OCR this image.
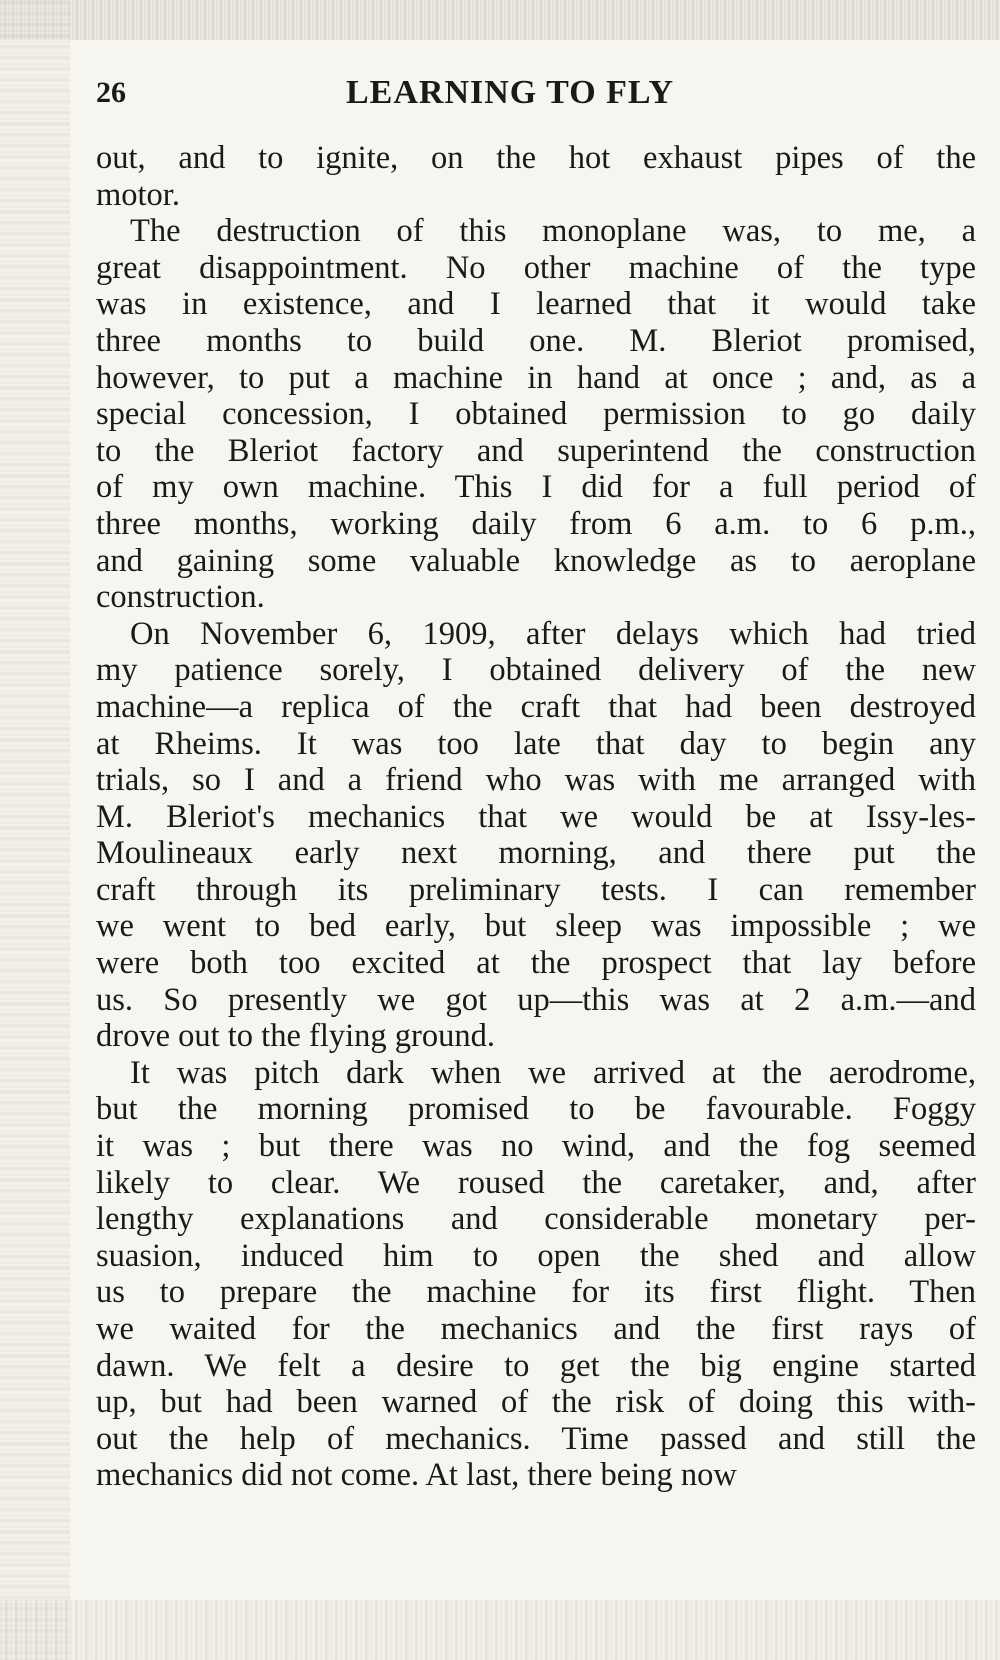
26	LEARNING TO FLY

out, and to ignite, on the hot exhaust pipes of the
motor.

The destruction of this monoplane was, to me, a
great disappointment. No other machine of the type
was in existence, and I learned that it would take
three months to build one. M. Bleriot promised,
however, to put a machine in hand at once ; and, as a
special concession, I obtained permission to go daily
to the Bleriot factory and superintend the construction
of my own machine. This I did for a full period of
three months, working daily from 6 a.m. to 6 p.m.,
and gaining some valuable knowledge as to aeroplane
construction.

On November 6, 1909, after delays which had tried
my patience sorely, I obtained delivery of the new
machine—a replica of the craft that had been destroyed
at Rheims. It was too late that day to begin any
trials, so I and a friend who was with me arranged with
M. Bleriot's mechanics that we would be at Issy-les-
Moulineaux early next morning, and there put the
craft through its preliminary tests. I can remember
we went to bed early, but sleep was impossible ; we
were both too excited at the prospect that lay before
us. So presently we got up—this was at 2 a.m.—and
drove out to the flying ground.

It was pitch dark when we arrived at the aerodrome,
but the morning promised to be favourable. Foggy
it was ; but there was no wind, and the fog seemed
likely to clear. We roused the caretaker, and, after
lengthy explanations and considerable monetary per-
suasion, induced him to open the shed and allow
us to prepare the machine for its first flight. Then
we waited for the mechanics and the first rays of
dawn. We felt a desire to get the big engine started
up, but had been warned of the risk of doing this with-
out the help of mechanics. Time passed and still the
mechanics did not come. At last, there being now
